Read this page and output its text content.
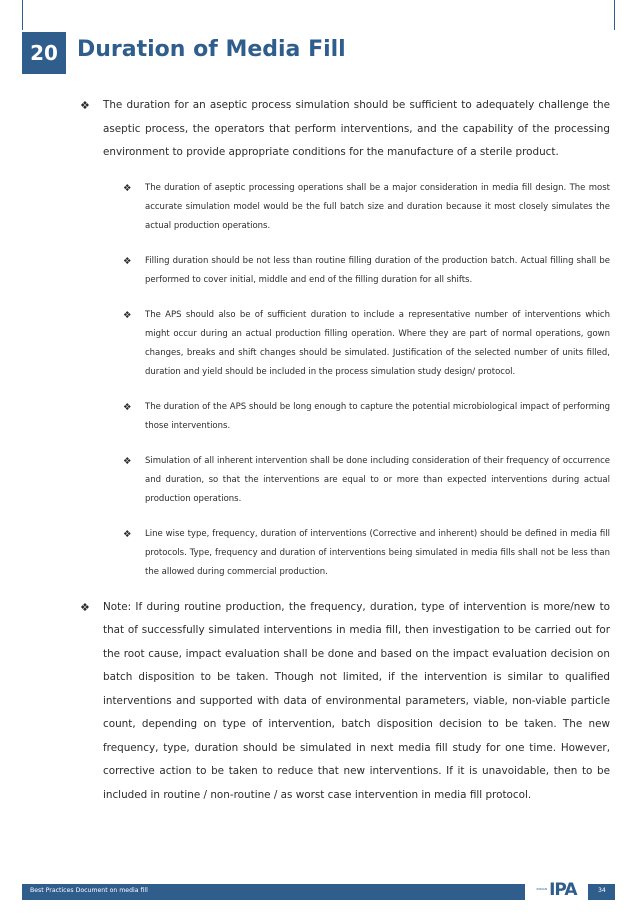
20 Duration of Media Fill
❖ The duration for an aseptic process simulation should be sufficient to adequately challenge the aseptic process, the operators that perform interventions, and the capability of the processing environment to provide appropriate conditions for the manufacture of a sterile product.
❖ The duration of aseptic processing operations shall be a major consideration in media fill design. The most accurate simulation model would be the full batch size and duration because it most closely simulates the actual production operations.
❖ Filling duration should be not less than routine filling duration of the production batch. Actual filling shall be performed to cover initial, middle and end of the filling duration for all shifts.
❖ The APS should also be of sufficient duration to include a representative number of interventions which might occur during an actual production filling operation. Where they are part of normal operations, gown changes, breaks and shift changes should be simulated. Justification of the selected number of units filled, duration and yield should be included in the process simulation study design/ protocol.
❖ The duration of the APS should be long enough to capture the potential microbiological impact of performing those interventions.
❖ Simulation of all inherent intervention shall be done including consideration of their frequency of occurrence and duration, so that the interventions are equal to or more than expected interventions during actual production operations.
❖ Line wise type, frequency, duration of interventions (Corrective and inherent) should be defined in media fill protocols. Type, frequency and duration of interventions being simulated in media fills shall not be less than the allowed during commercial production.
❖ Note: If during routine production, the frequency, duration, type of intervention is more/new to that of successfully simulated interventions in media fill, then investigation to be carried out for the root cause, impact evaluation shall be done and based on the impact evaluation decision on batch disposition to be taken. Though not limited, if the intervention is similar to qualified interventions and supported with data of environmental parameters, viable, non-viable particle count, depending on type of intervention, batch disposition decision to be taken. The new frequency, type, duration should be simulated in next media fill study for one time. However, corrective action to be taken to reduce that new interventions. If it is unavoidable, then to be included in routine / non-routine / as worst case intervention in media fill protocol.
Best Practices Document on media fill	INDIAN IPA	34
